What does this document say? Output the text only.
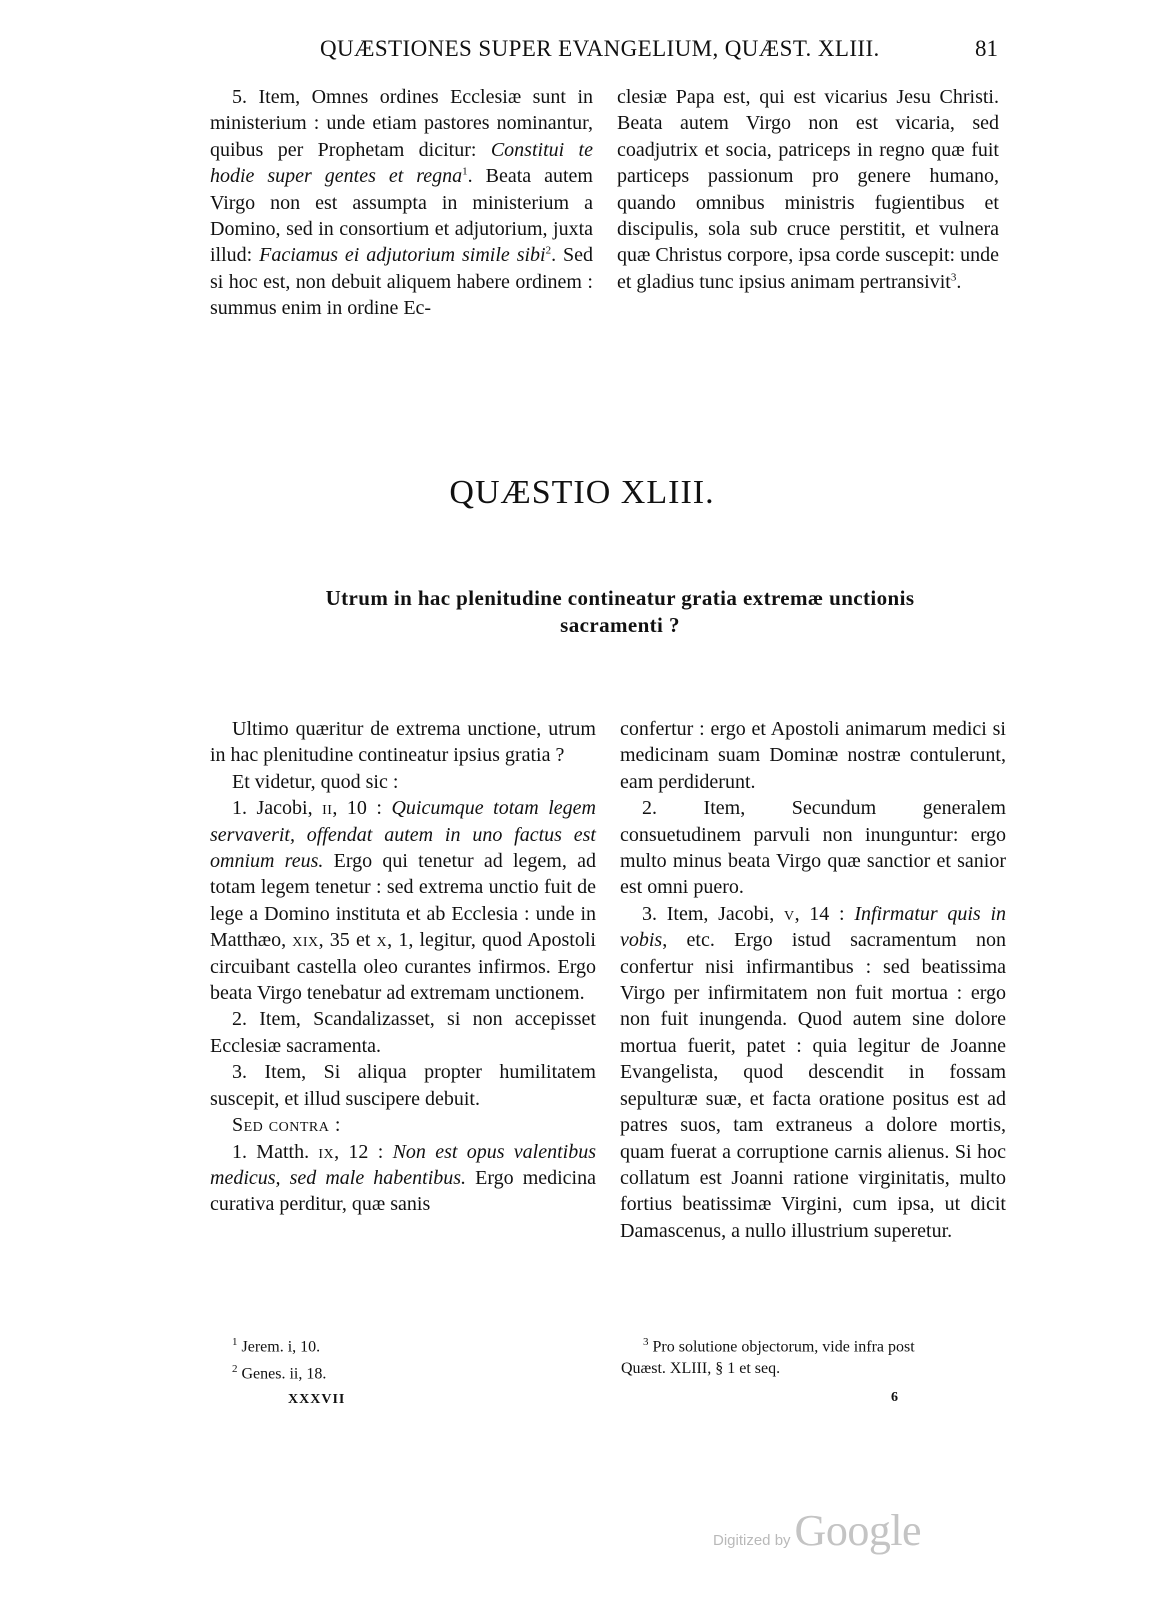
QUÆSTIONES SUPER EVANGELIUM, QUÆST. XLIII.	81

5. Item, Omnes ordines Ecclesiæ sunt in ministerium : unde etiam pastores nominantur, quibus per Prophetam dicitur: Constitui te hodie super gentes et regna$^1$. Beata autem Virgo non est assumpta in ministerium a Domino, sed in consortium et adjutorium, juxta illud: Faciamus ei adjutorium simile sibi$^2$. Sed si hoc est, non debuit aliquem habere ordinem : summus enim in ordine Ec-

clesiæ Papa est, qui est vicarius Jesu Christi. Beata autem Virgo non est vicaria, sed coadjutrix et socia, patriceps in regno quæ fuit particeps passionum pro genere humano, quando omnibus ministris fugientibus et discipulis, sola sub cruce perstitit, et vulnera quæ Christus corpore, ipsa corde suscepit: unde et gladius tunc ipsius animam pertransivit$^3$.

QUÆSTIO XLIII.
Utrum in hac plenitudine contineatur gratia extremæ unctionis
sacramenti ?

Ultimo quæritur de extrema unctione, utrum in hac plenitudine contineatur ipsius gratia ?

Et videtur, quod sic :

1. Jacobi, ii, 10 : Quicumque totam legem servaverit, offendat autem in uno factus est omnium reus. Ergo qui tenetur ad legem, ad totam legem tenetur : sed extrema unctio fuit de lege a Domino instituta et ab Ecclesia : unde in Matthæo, xix, 35 et x, 1, legitur, quod Apostoli circuibant castella oleo curantes infirmos. Ergo beata Virgo tenebatur ad extremam unctionem.

2. Item, Scandalizasset, si non accepisset Ecclesiæ sacramenta.

3. Item, Si aliqua propter humilitatem suscepit, et illud suscipere debuit.

Sed contra :

1. Matth. ix, 12 : Non est opus valentibus medicus, sed male habentibus. Ergo medicina curativa perditur, quæ sanis

confertur : ergo et Apostoli animarum medici si medicinam suam Dominæ nostræ contulerunt, eam perdiderunt.

2. Item, Secundum generalem consuetudinem parvuli non inunguntur: ergo multo minus beata Virgo quæ sanctior et sanior est omni puero.

3. Item, Jacobi, v, 14 : Infirmatur quis in vobis, etc. Ergo istud sacramentum non confertur nisi infirmantibus : sed beatissima Virgo per infirmitatem non fuit mortua : ergo non fuit inungenda. Quod autem sine dolore mortua fuerit, patet : quia legitur de Joanne Evangelista, quod descendit in fossam sepulturæ suæ, et facta oratione positus est ad patres suos, tam extraneus a dolore mortis, quam fuerat a corruptione carnis alienus. Si hoc collatum est Joanni ratione virginitatis, multo fortius beatissimæ Virgini, cum ipsa, ut dicit Damascenus, a nullo illustrium superetur.

$^1$ Jerem. i, 10.
$^2$ Genes. ii, 18.
$^3$ Pro solutione objectorum, vide infra post
Quæst. XLIII, § 1 et seq.
XXXVII	6
Digitized by Google
